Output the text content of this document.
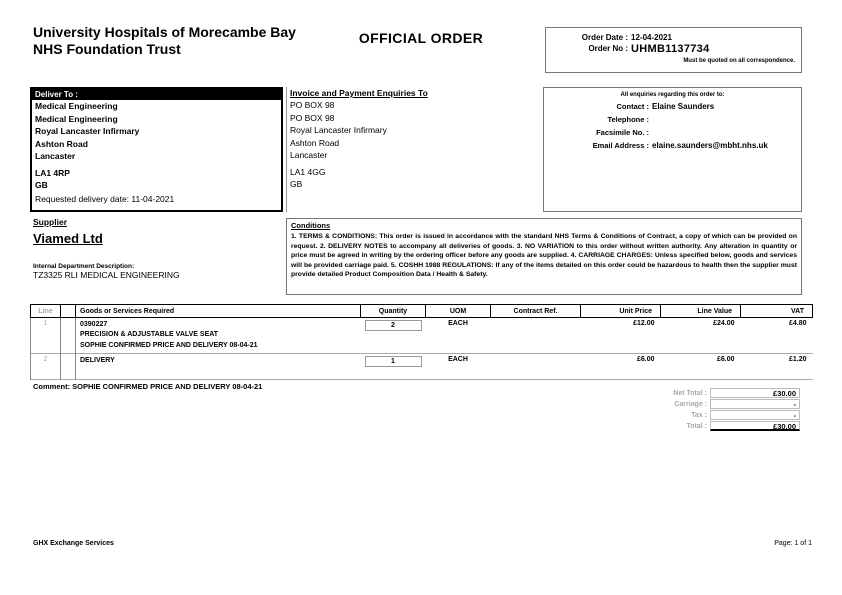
University Hospitals of Morecambe Bay NHS Foundation Trust
OFFICIAL ORDER	Order Date : 12-04-2021
Order No : UHMB1137734
Must be quoted on all correspondence.
Deliver To :
Medical Engineering
Medical Engineering
Royal Lancaster Infirmary
Ashton Road
Lancaster
LA1 4RP
GB
Requested delivery date: 11-04-2021
Invoice and Payment Enquiries To
PO BOX 98
PO BOX 98
Royal Lancaster Infirmary
Ashton Road
Lancaster
LA1 4GG
GB
All enquiries regarding this order to:
Contact : Elaine Saunders
Telephone :
Facsimile No. :
Email Address : elaine.saunders@mbht.nhs.uk
Supplier
Viamed Ltd
Internal Department Description:
TZ3325 RLI MEDICAL ENGINEERING
Conditions
1. TERMS & CONDITIONS: This order is issued in accordance with the standard NHS Terms & Conditions of Contract, a copy of which can be provided on request. 2. DELIVERY NOTES to accompany all deliveries of goods. 3. NO VARIATION to this order without written authority. Any alteration in quantity or price must be agreed in writing by the ordering officer before any goods are supplied. 4. CARRIAGE CHARGES: Unless specified below, goods and services will be provided carriage paid. 5. COSHH 1988 REGULATIONS: If any of the items detailed on this order could be hazardous to health then the supplier must provide detailed Product Composition Data / Health & Safety.
Line		Goods or Services Required	Quantity	UOM	Contract Ref.	Unit Price	Line Value	VAT
1		0390227
PRECISION & ADJUSTABLE VALVE SEAT
SOPHIE CONFIRMED PRICE AND DELIVERY 08-04-21	2	EACH		£12.00	£24.00	£4.80
2		DELIVERY	1	EACH		£6.00	£6.00	£1.20
Comment: SOPHIE CONFIRMED PRICE AND DELIVERY 08-04-21
Net Total :	£30.00
Carriage :	-
Tax :	-
Total :	£30.00
GHX Exchange Services	Page: 1 of 1
